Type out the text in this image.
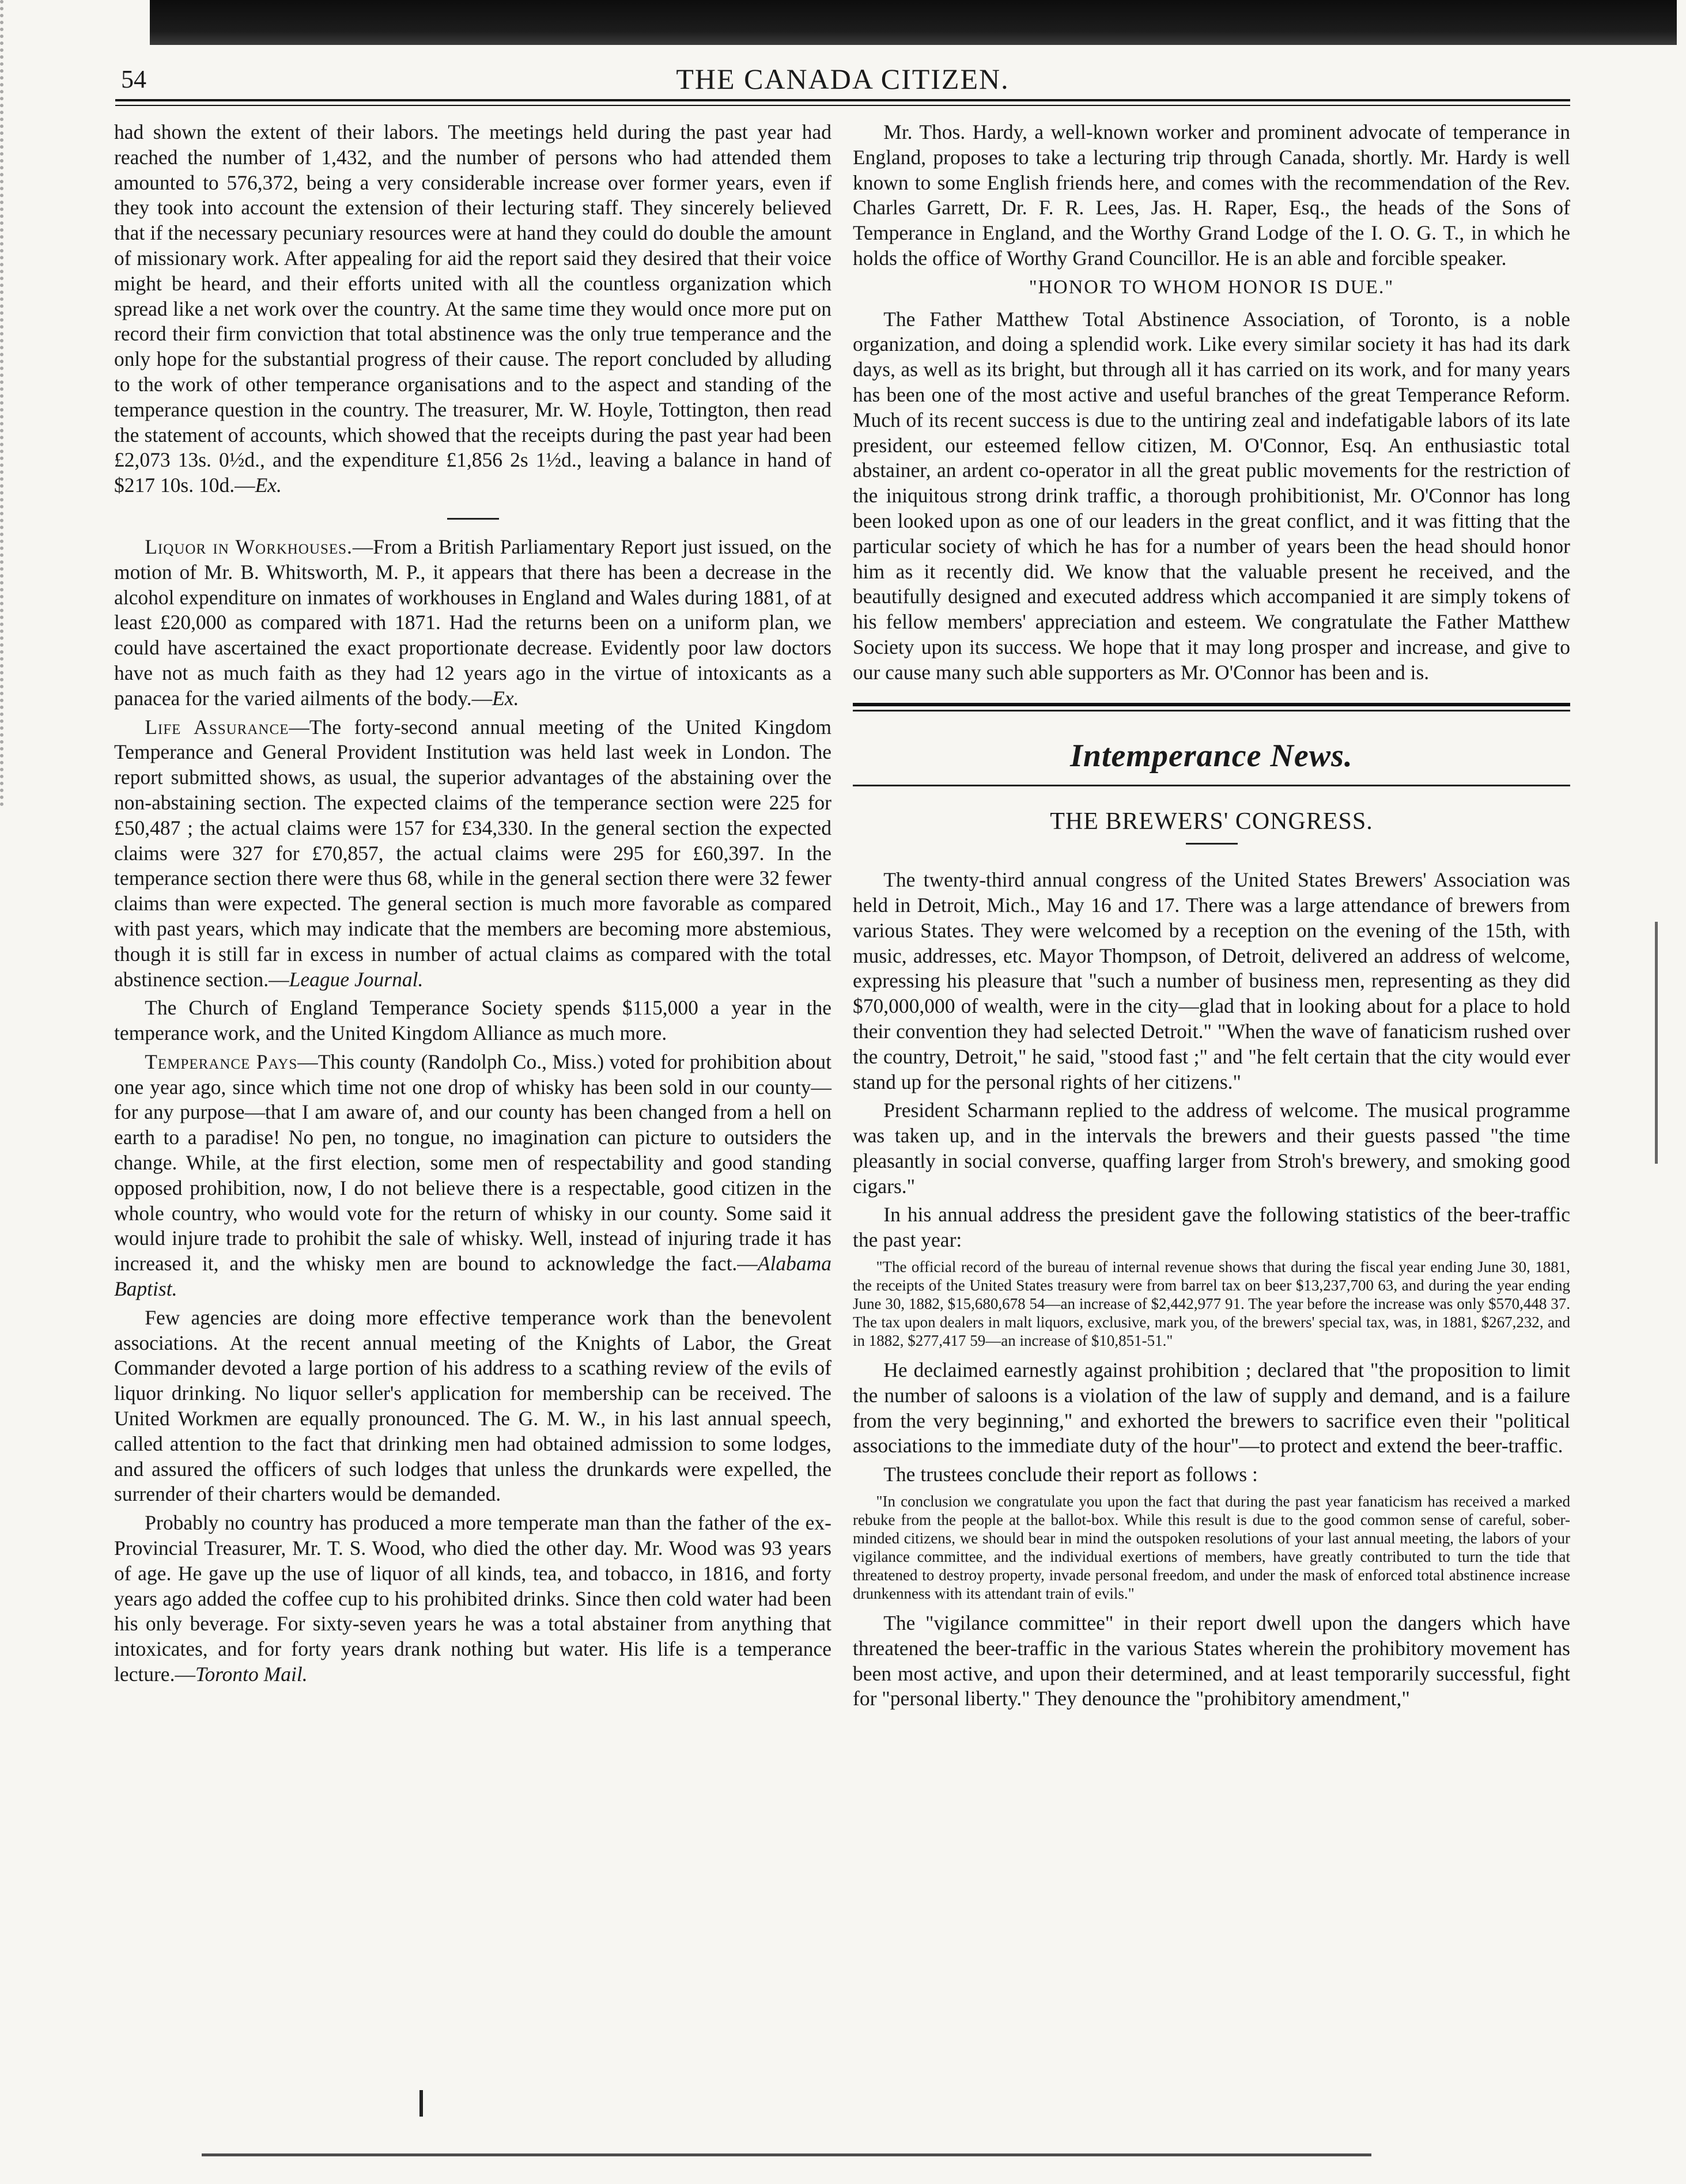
54	THE CANADA CITIZEN.

had shown the extent of their labors. The meetings held during the past year had reached the number of 1,432, and the number of persons who had attended them amounted to 576,372, being a very considerable increase over former years, even if they took into account the extension of their lecturing staff. They sincerely believed that if the necessary pecuniary resources were at hand they could do double the amount of missionary work. After appealing for aid the report said they desired that their voice might be heard, and their efforts united with all the countless organization which spread like a net work over the country. At the same time they would once more put on record their firm conviction that total abstinence was the only true temperance and the only hope for the substantial progress of their cause. The report concluded by alluding to the work of other temperance organisations and to the aspect and standing of the temperance question in the country. The treasurer, Mr. W. Hoyle, Tottington, then read the statement of accounts, which showed that the receipts during the past year had been £2,073 13s. 0½d., and the expenditure £1,856 2s 1½d., leaving a balance in hand of $217 10s. 10d.—Ex.

Liquor in Workhouses.—From a British Parliamentary Report just issued, on the motion of Mr. B. Whitsworth, M. P., it appears that there has been a decrease in the alcohol expenditure on inmates of workhouses in England and Wales during 1881, of at least £20,000 as compared with 1871. Had the returns been on a uniform plan, we could have ascertained the exact proportionate decrease. Evidently poor law doctors have not as much faith as they had 12 years ago in the virtue of intoxicants as a panacea for the varied ailments of the body.—Ex.

Life Assurance—The forty-second annual meeting of the United Kingdom Temperance and General Provident Institution was held last week in London. The report submitted shows, as usual, the superior advantages of the abstaining over the non-abstaining section. The expected claims of the temperance section were 225 for £50,487 ; the actual claims were 157 for £34,330. In the general section the expected claims were 327 for £70,857, the actual claims were 295 for £60,397. In the temperance section there were thus 68, while in the general section there were 32 fewer claims than were expected. The general section is much more favorable as compared with past years, which may indicate that the members are becoming more abstemious, though it is still far in excess in number of actual claims as compared with the total abstinence section.—League Journal.

The Church of England Temperance Society spends $115,000 a year in the temperance work, and the United Kingdom Alliance as much more.

Temperance Pays—This county (Randolph Co., Miss.) voted for prohibition about one year ago, since which time not one drop of whisky has been sold in our county—for any purpose—that I am aware of, and our county has been changed from a hell on earth to a paradise! No pen, no tongue, no imagination can picture to outsiders the change. While, at the first election, some men of respectability and good standing opposed prohibition, now, I do not believe there is a respectable, good citizen in the whole country, who would vote for the return of whisky in our county. Some said it would injure trade to prohibit the sale of whisky. Well, instead of injuring trade it has increased it, and the whisky men are bound to acknowledge the fact.—Alabama Baptist.

Few agencies are doing more effective temperance work than the benevolent associations. At the recent annual meeting of the Knights of Labor, the Great Commander devoted a large portion of his address to a scathing review of the evils of liquor drinking. No liquor seller's application for membership can be received. The United Workmen are equally pronounced. The G. M. W., in his last annual speech, called attention to the fact that drinking men had obtained admission to some lodges, and assured the officers of such lodges that unless the drunkards were expelled, the surrender of their charters would be demanded.

Probably no country has produced a more temperate man than the father of the ex-Provincial Treasurer, Mr. T. S. Wood, who died the other day. Mr. Wood was 93 years of age. He gave up the use of liquor of all kinds, tea, and tobacco, in 1816, and forty years ago added the coffee cup to his prohibited drinks. Since then cold water had been his only beverage. For sixty-seven years he was a total abstainer from anything that intoxicates, and for forty years drank nothing but water. His life is a temperance lecture.—Toronto Mail.

Mr. Thos. Hardy, a well-known worker and prominent advocate of temperance in England, proposes to take a lecturing trip through Canada, shortly. Mr. Hardy is well known to some English friends here, and comes with the recommendation of the Rev. Charles Garrett, Dr. F. R. Lees, Jas. H. Raper, Esq., the heads of the Sons of Temperance in England, and the Worthy Grand Lodge of the I. O. G. T., in which he holds the office of Worthy Grand Councillor. He is an able and forcible speaker.

"HONOR TO WHOM HONOR IS DUE."

The Father Matthew Total Abstinence Association, of Toronto, is a noble organization, and doing a splendid work. Like every similar society it has had its dark days, as well as its bright, but through all it has carried on its work, and for many years has been one of the most active and useful branches of the great Temperance Reform. Much of its recent success is due to the untiring zeal and indefatigable labors of its late president, our esteemed fellow citizen, M. O'Connor, Esq. An enthusiastic total abstainer, an ardent co-operator in all the great public movements for the restriction of the iniquitous strong drink traffic, a thorough prohibitionist, Mr. O'Connor has long been looked upon as one of our leaders in the great conflict, and it was fitting that the particular society of which he has for a number of years been the head should honor him as it recently did. We know that the valuable present he received, and the beautifully designed and executed address which accompanied it are simply tokens of his fellow members' appreciation and esteem. We congratulate the Father Matthew Society upon its success. We hope that it may long prosper and increase, and give to our cause many such able supporters as Mr. O'Connor has been and is.

Intemperance News.
THE BREWERS' CONGRESS.

The twenty-third annual congress of the United States Brewers' Association was held in Detroit, Mich., May 16 and 17. There was a large attendance of brewers from various States. They were welcomed by a reception on the evening of the 15th, with music, addresses, etc. Mayor Thompson, of Detroit, delivered an address of welcome, expressing his pleasure that "such a number of business men, representing as they did $70,000,000 of wealth, were in the city—glad that in looking about for a place to hold their convention they had selected Detroit." "When the wave of fanaticism rushed over the country, Detroit," he said, "stood fast ;" and "he felt certain that the city would ever stand up for the personal rights of her citizens."

President Scharmann replied to the address of welcome. The musical programme was taken up, and in the intervals the brewers and their guests passed "the time pleasantly in social converse, quaffing larger from Stroh's brewery, and smoking good cigars."

In his annual address the president gave the following statistics of the beer-traffic the past year:

"The official record of the bureau of internal revenue shows that during the fiscal year ending June 30, 1881, the receipts of the United States treasury were from barrel tax on beer $13,237,700 63, and during the year ending June 30, 1882, $15,680,678 54—an increase of $2,442,977 91. The year before the increase was only $570,448 37. The tax upon dealers in malt liquors, exclusive, mark you, of the brewers' special tax, was, in 1881, $267,232, and in 1882, $277,417 59—an increase of $10,851-51."

He declaimed earnestly against prohibition ; declared that "the proposition to limit the number of saloons is a violation of the law of supply and demand, and is a failure from the very beginning," and exhorted the brewers to sacrifice even their "political associations to the immediate duty of the hour"—to protect and extend the beer-traffic.

The trustees conclude their report as follows :

"In conclusion we congratulate you upon the fact that during the past year fanaticism has received a marked rebuke from the people at the ballot-box. While this result is due to the good common sense of careful, sober-minded citizens, we should bear in mind the outspoken resolutions of your last annual meeting, the labors of your vigilance committee, and the individual exertions of members, have greatly contributed to turn the tide that threatened to destroy property, invade personal freedom, and under the mask of enforced total abstinence increase drunkenness with its attendant train of evils."

The "vigilance committee" in their report dwell upon the dangers which have threatened the beer-traffic in the various States wherein the prohibitory movement has been most active, and upon their determined, and at least temporarily successful, fight for "personal liberty." They denounce the "prohibitory amendment,"
